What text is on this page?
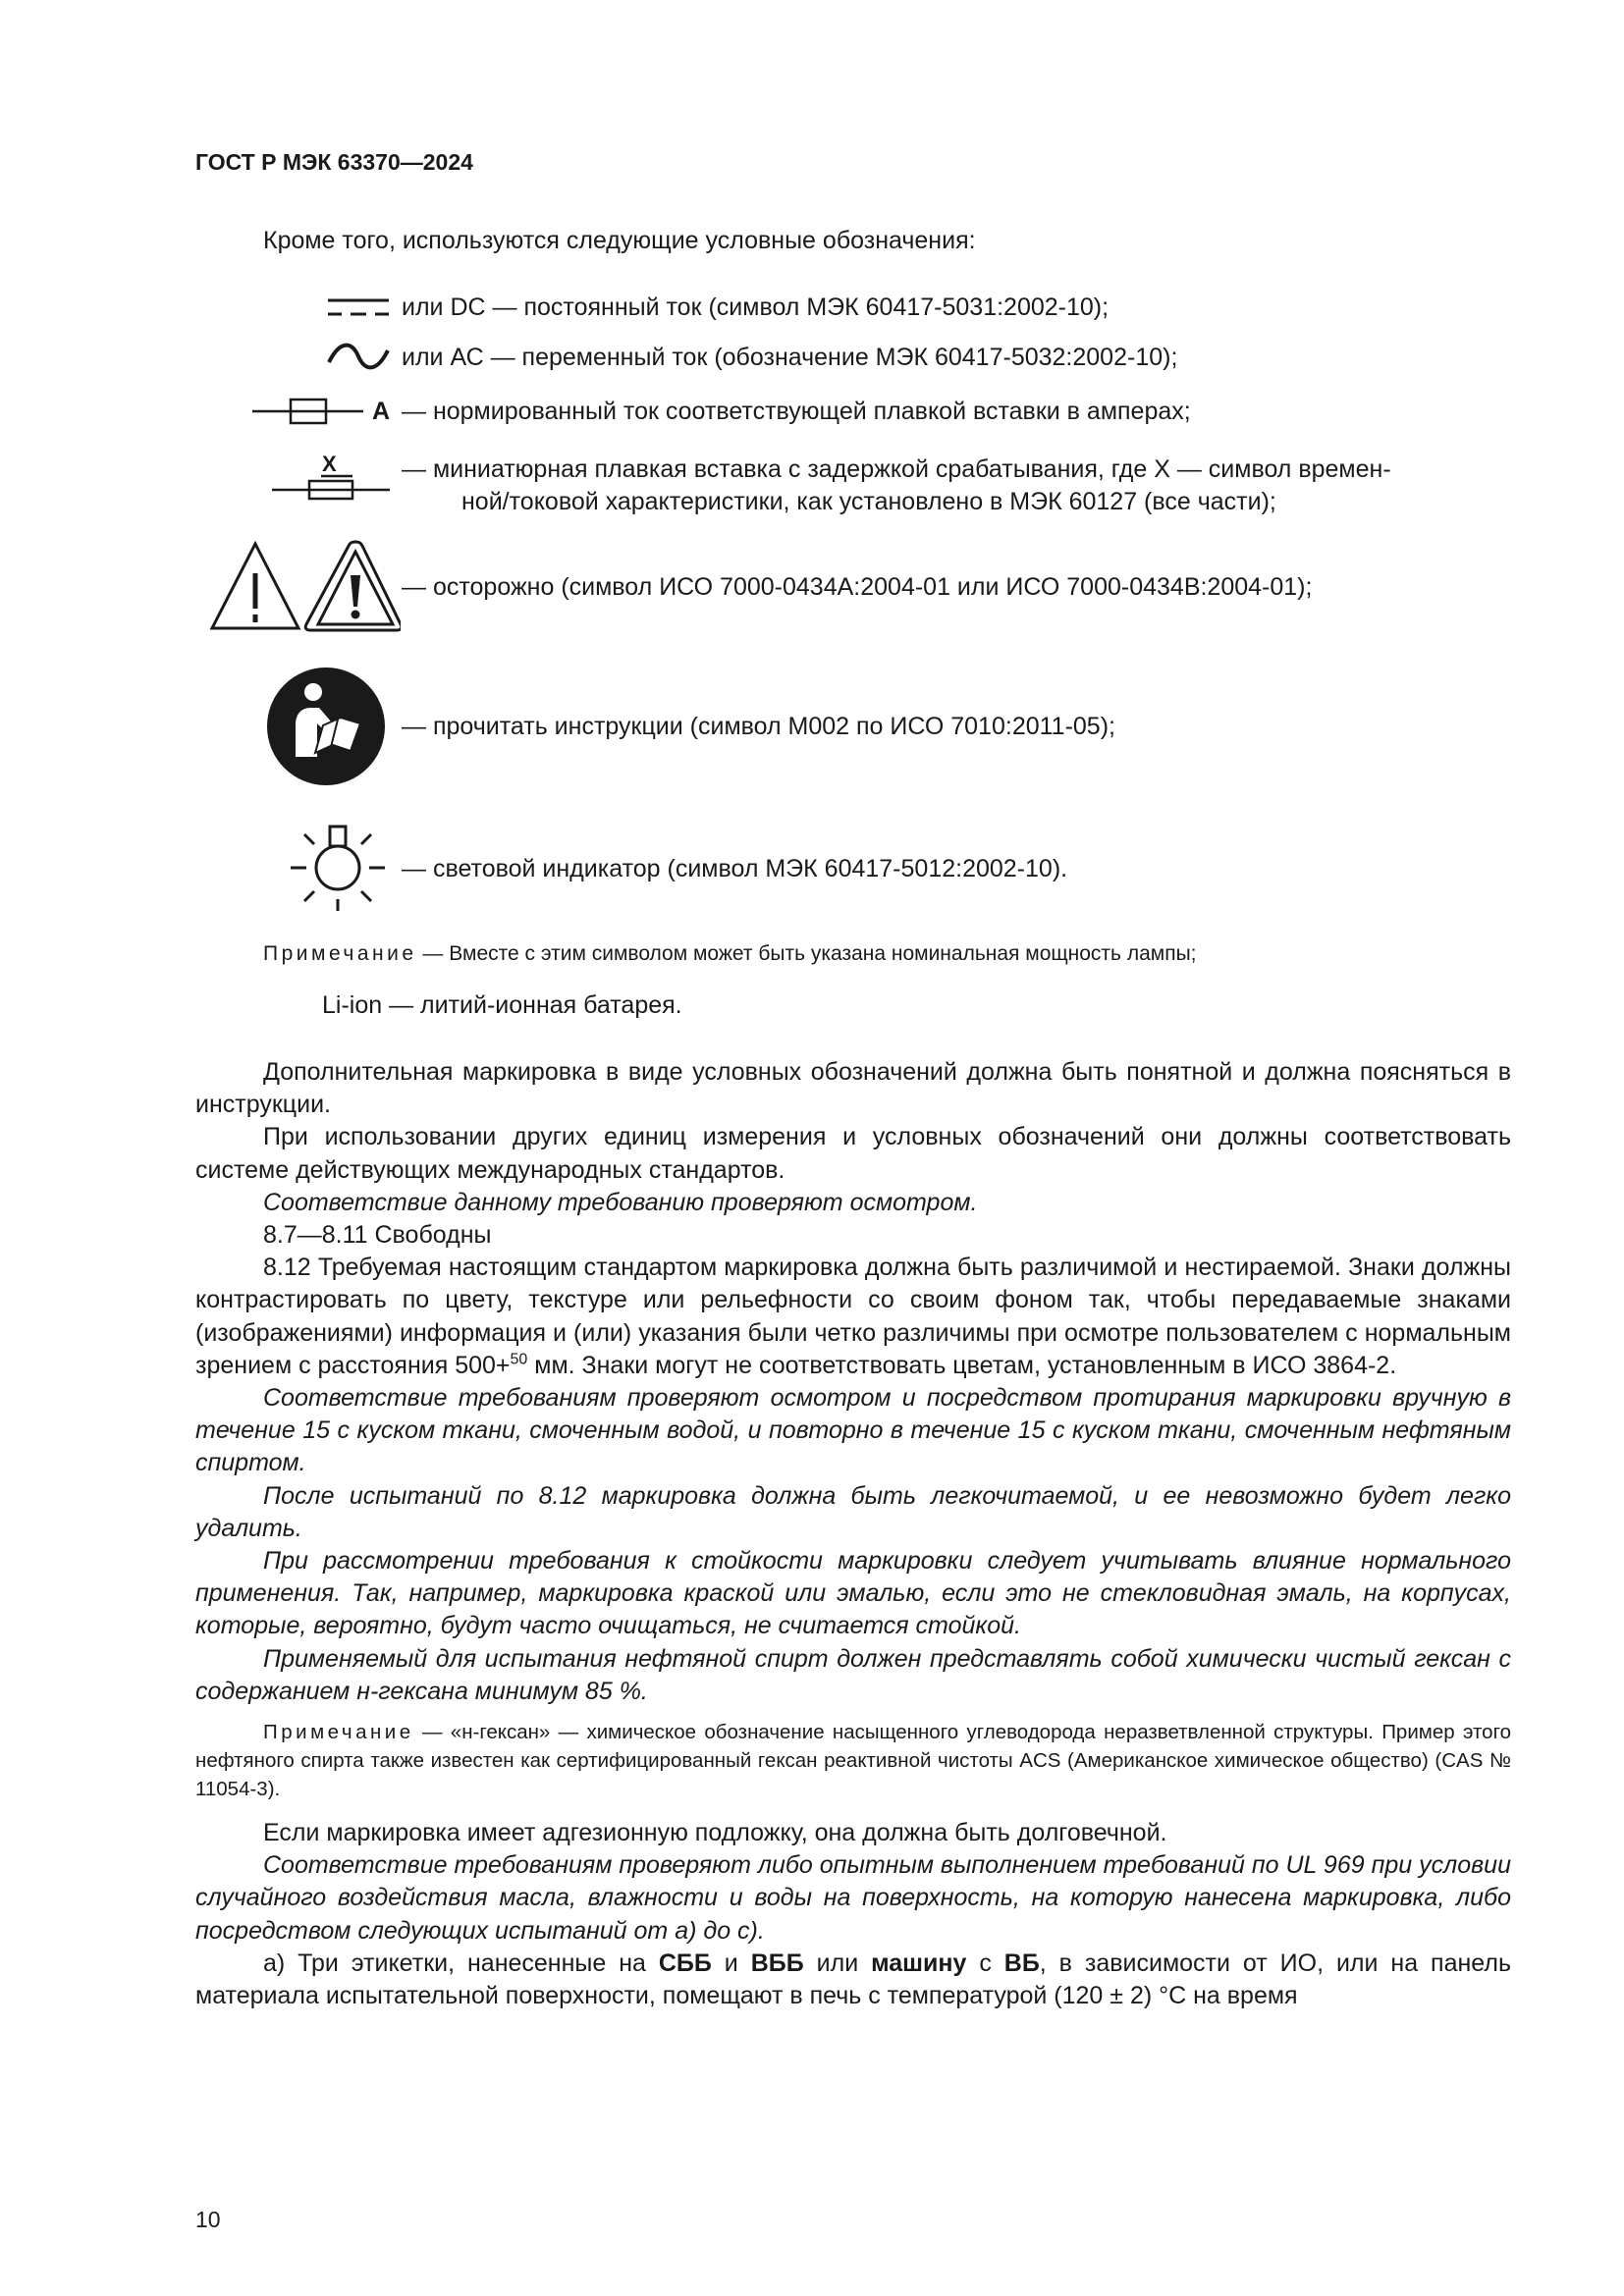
ГОСТ Р МЭК 63370—2024
Кроме того, используются следующие условные обозначения:
или DC — постоянный ток (символ МЭК 60417-5031:2002-10);
или АС — переменный ток (обозначение МЭК 60417-5032:2002-10);
A — нормированный ток соответствующей плавкой вставки в амперах;
X	— миниатюрная плавкая вставка с задержкой срабатывания, где X — символ времен-
ной/токовой характеристики, как установлено в МЭК 60127 (все части);
— осторожно (символ ИСО 7000-0434А:2004-01 или ИСО 7000-0434В:2004-01);
— прочитать инструкции (символ М002 по ИСО 7010:2011-05);
— световой индикатор (символ МЭК 60417-5012:2002-10).
Примечание — Вместе с этим символом может быть указана номинальная мощность лампы;
Li-ion — литий-ионная батарея.

Дополнительная маркировка в виде условных обозначений должна быть понятной и должна поясняться в инструкции.

При использовании других единиц измерения и условных обозначений они должны соответствовать системе действующих международных стандартов.

Соответствие данному требованию проверяют осмотром.

8.7—8.11 Свободны

8.12 Требуемая настоящим стандартом маркировка должна быть различимой и нестираемой. Знаки должны контрастировать по цвету, текстуре или рельефности со своим фоном так, чтобы передаваемые знаками (изображениями) информация и (или) указания были четко различимы при осмотре пользователем с нормальным зрением с расстояния 500+$^{50}$ мм. Знаки могут не соответствовать цветам, установленным в ИСО 3864-2.

Соответствие требованиям проверяют осмотром и посредством протирания маркировки вручную в течение 15 с куском ткани, смоченным водой, и повторно в течение 15 с куском ткани, смоченным нефтяным спиртом.

После испытаний по 8.12 маркировка должна быть легкочитаемой, и ее невозможно будет легко удалить.

При рассмотрении требования к стойкости маркировки следует учитывать влияние нормального применения. Так, например, маркировка краской или эмалью, если это не стекловидная эмаль, на корпусах, которые, вероятно, будут часто очищаться, не считается стойкой.

Применяемый для испытания нефтяной спирт должен представлять собой химически чистый гексан с содержанием н-гексана минимум 85 %.

Примечание — «н-гексан» — химическое обозначение насыщенного углеводорода неразветвленной структуры. Пример этого нефтяного спирта также известен как сертифицированный гексан реактивной чистоты ACS (Американское химическое общество) (CAS № 11054-3).

Если маркировка имеет адгезионную подложку, она должна быть долговечной.

Соответствие требованиям проверяют либо опытным выполнением требований по UL 969 при условии случайного воздействия масла, влажности и воды на поверхность, на которую нанесена маркировка, либо посредством следующих испытаний от а) до с).

а) Три этикетки, нанесенные на СББ и ВББ или машину с ВБ, в зависимости от ИО, или на панель материала испытательной поверхности, помещают в печь с температурой (120 ± 2) °С на время

10
